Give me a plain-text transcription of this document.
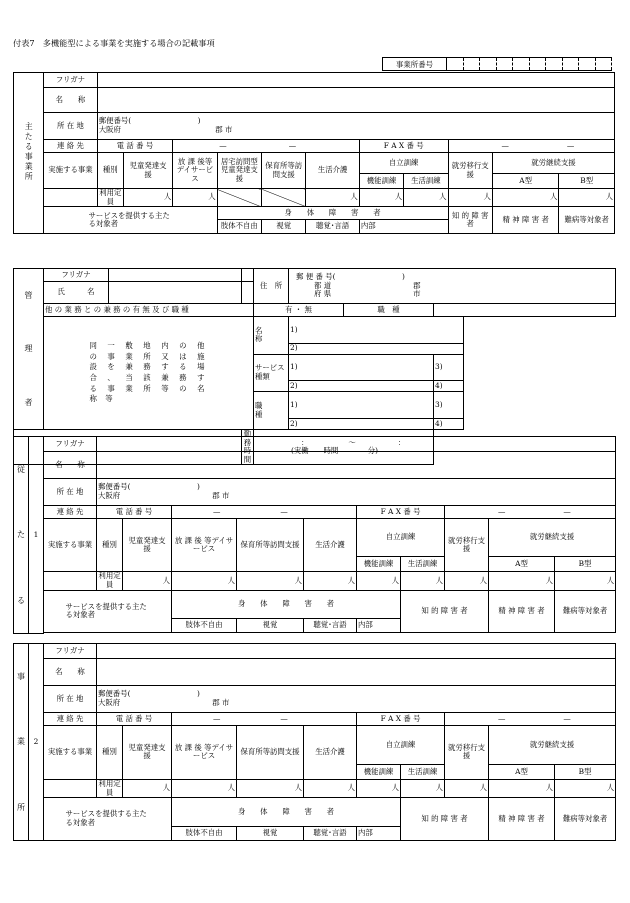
付表7　多機能型による事業を実施する場合の記載事項
事業所番号										
主たる事業所	フリガナ											
	名　　称											
	所 在 地	郵便番号(　　　　　　　　　)
大阪府 郡 市										
	連 絡 先	電 話 番 号		— —				F A X 番 号		— —		
	実施する事業	種別	児童発達支　援	放 課 後等デイサービス	居宅訪問型児童発達支援	保育所等訪問支援	生活介護	自立訓練		就労移行支　援	就労継続支援	
								機能訓練	生活訓練		A型	B型
		利用定員	人	人			人	人	人	人	人	人
	サービスを提供する主たる対象者				身　　体　　障　　害　　者					知 的 障 害 者	精 神 障 害 者	難病等対象者
					肢体不自由	視覚	聴覚･言語	内部				
管
理
者	フリガナ			住　所	郵 便 番 号(　　　　　　　　　)
都 道 郡
府 県 市		
	氏　　　名						
	他 の 業 務 と の 兼 務 の 有 無 及 び 職 種			有 ・ 無		職　種	
	同 一 敷 地 内 の 他 の 事 業 所 又 は 施 設 を 兼 務 す る 場 合 、 当 該 兼 務 す る 事 業 所 等 の 名 称 等			名　　　称	1)		
					2)		
				サービス種類	1)		3)
					2)		4)
				職　　　種	1)		3)
					2)		4)
			勤 務 時 間	： ～ ：(実働　　時間　　　　分)			
従
た
る	1	フリガナ										
		名　　称										
		所 在 地	郵便番号(　　　　　　　　　)
大阪府 郡 市									
		連 絡 先	電 話 番 号		— —			F A X 番 号		— —		
		実施する事業	種別	児童発達支　援	放 課 後 等デイサービス	保育所等訪問支援	生活介護	自立訓練		就労移行支　援	就労継続支援	
								機能訓練	生活訓練		A型	B型
			利用定員	人	人	人	人	人	人	人	人	人
		サービスを提供する主たる対象者			身　　体　　障　　害　　者				知 的 障 害 者		精 神 障 害 者	難病等対象者
					肢体不自由	視覚	聴覚･言語	内部				

事
業
所	2	フリガナ										
		名　　称										
		所 在 地	郵便番号(　　　　　　　　　)
大阪府 郡 市									
		連 絡 先	電 話 番 号		— —			F A X 番 号		— —		
		実施する事業	種別	児童発達支　援	放 課 後 等デイサービス	保育所等訪問支援	生活介護	自立訓練		就労移行支　援	就労継続支援	
								機能訓練	生活訓練		A型	B型
			利用定員	人	人	人	人	人	人	人	人	人
		サービスを提供する主たる対象者			身　　体　　障　　害　　者				知 的 障 害 者		精 神 障 害 者	難病等対象者
					肢体不自由	視覚	聴覚･言語	内部				
